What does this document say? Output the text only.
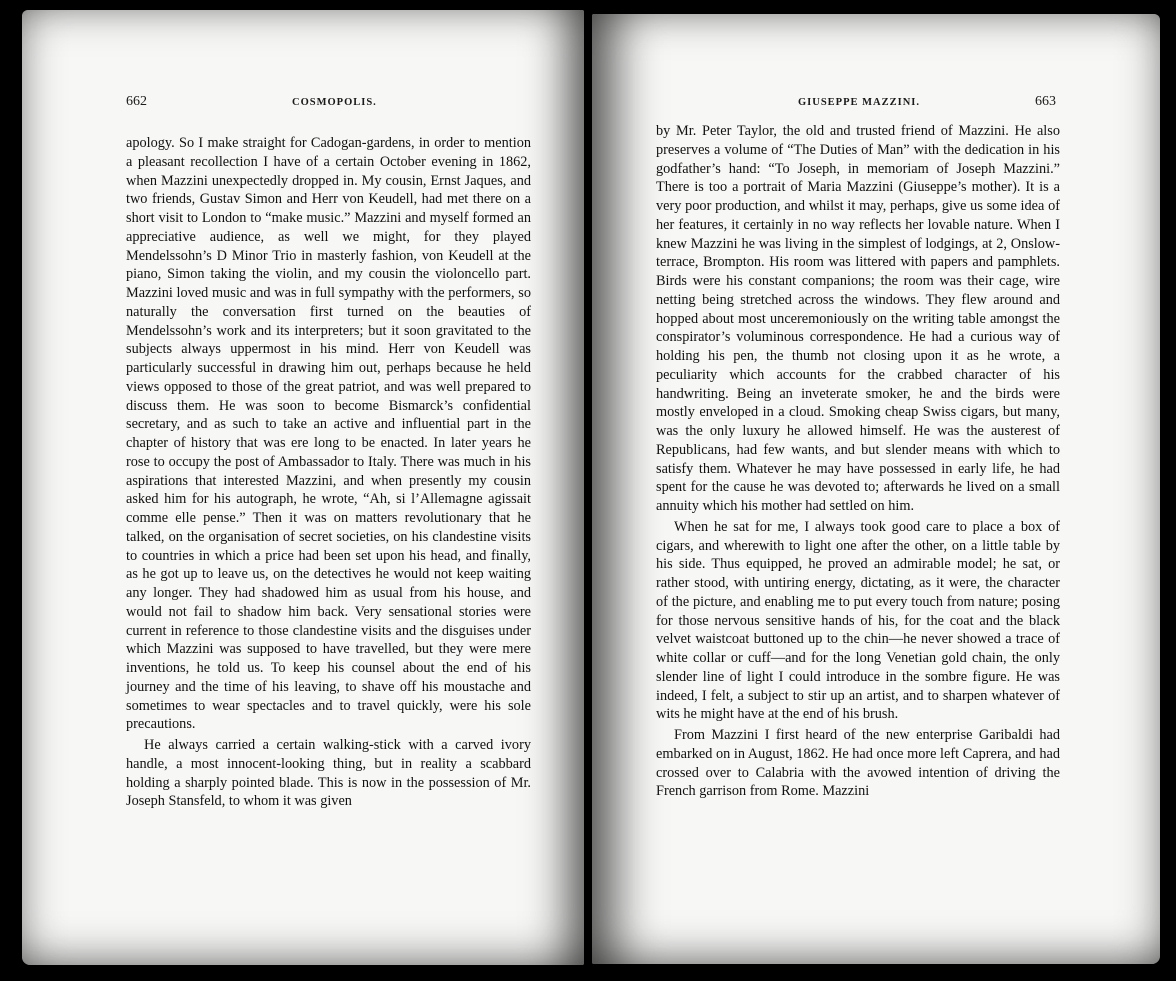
662	COSMOPOLIS.

apology. So I make straight for Cadogan-gardens, in order to mention a pleasant recollection I have of a certain October evening in 1862, when Mazzini unexpectedly dropped in. My cousin, Ernst Jaques, and two friends, Gustav Simon and Herr von Keudell, had met there on a short visit to London to “make music.” Mazzini and myself formed an appreciative audience, as well we might, for they played Mendelssohn’s D Minor Trio in masterly fashion, von Keudell at the piano, Simon taking the violin, and my cousin the violoncello part. Mazzini loved music and was in full sympathy with the performers, so naturally the conversation first turned on the beauties of Mendelssohn’s work and its interpreters; but it soon gravitated to the subjects always uppermost in his mind. Herr von Keudell was particularly successful in drawing him out, perhaps because he held views opposed to those of the great patriot, and was well prepared to discuss them. He was soon to become Bismarck’s confidential secretary, and as such to take an active and influential part in the chapter of history that was ere long to be enacted. In later years he rose to occupy the post of Ambassador to Italy. There was much in his aspirations that interested Mazzini, and when presently my cousin asked him for his autograph, he wrote, “Ah, si l’Allemagne agissait comme elle pense.” Then it was on matters revolutionary that he talked, on the organisation of secret societies, on his clandestine visits to countries in which a price had been set upon his head, and finally, as he got up to leave us, on the detectives he would not keep waiting any longer. They had shadowed him as usual from his house, and would not fail to shadow him back. Very sensational stories were current in reference to those clandestine visits and the disguises under which Mazzini was supposed to have travelled, but they were mere inventions, he told us. To keep his counsel about the end of his journey and the time of his leaving, to shave off his moustache and sometimes to wear spectacles and to travel quickly, were his sole precautions.

He always carried a certain walking-stick with a carved ivory handle, a most innocent-looking thing, but in reality a scabbard holding a sharply pointed blade. This is now in the possession of Mr. Joseph Stansfeld, to whom it was given

GIUSEPPE MAZZINI.	663

by Mr. Peter Taylor, the old and trusted friend of Mazzini. He also preserves a volume of “The Duties of Man” with the dedication in his godfather’s hand: “To Joseph, in memoriam of Joseph Mazzini.” There is too a portrait of Maria Mazzini (Giuseppe’s mother). It is a very poor production, and whilst it may, perhaps, give us some idea of her features, it certainly in no way reflects her lovable nature. When I knew Mazzini he was living in the simplest of lodgings, at 2, Onslow-terrace, Brompton. His room was littered with papers and pamphlets. Birds were his constant companions; the room was their cage, wire netting being stretched across the windows. They flew around and hopped about most unceremoniously on the writing table amongst the conspirator’s voluminous correspondence. He had a curious way of holding his pen, the thumb not closing upon it as he wrote, a peculiarity which accounts for the crabbed character of his handwriting. Being an inveterate smoker, he and the birds were mostly enveloped in a cloud. Smoking cheap Swiss cigars, but many, was the only luxury he allowed himself. He was the austerest of Republicans, had few wants, and but slender means with which to satisfy them. Whatever he may have possessed in early life, he had spent for the cause he was devoted to; afterwards he lived on a small annuity which his mother had settled on him.

When he sat for me, I always took good care to place a box of cigars, and wherewith to light one after the other, on a little table by his side. Thus equipped, he proved an admirable model; he sat, or rather stood, with untiring energy, dictating, as it were, the character of the picture, and enabling me to put every touch from nature; posing for those nervous sensitive hands of his, for the coat and the black velvet waistcoat buttoned up to the chin—he never showed a trace of white collar or cuff—and for the long Venetian gold chain, the only slender line of light I could introduce in the sombre figure. He was indeed, I felt, a subject to stir up an artist, and to sharpen whatever of wits he might have at the end of his brush.

From Mazzini I first heard of the new enterprise Garibaldi had embarked on in August, 1862. He had once more left Caprera, and had crossed over to Calabria with the avowed intention of driving the French garrison from Rome. Mazzini
